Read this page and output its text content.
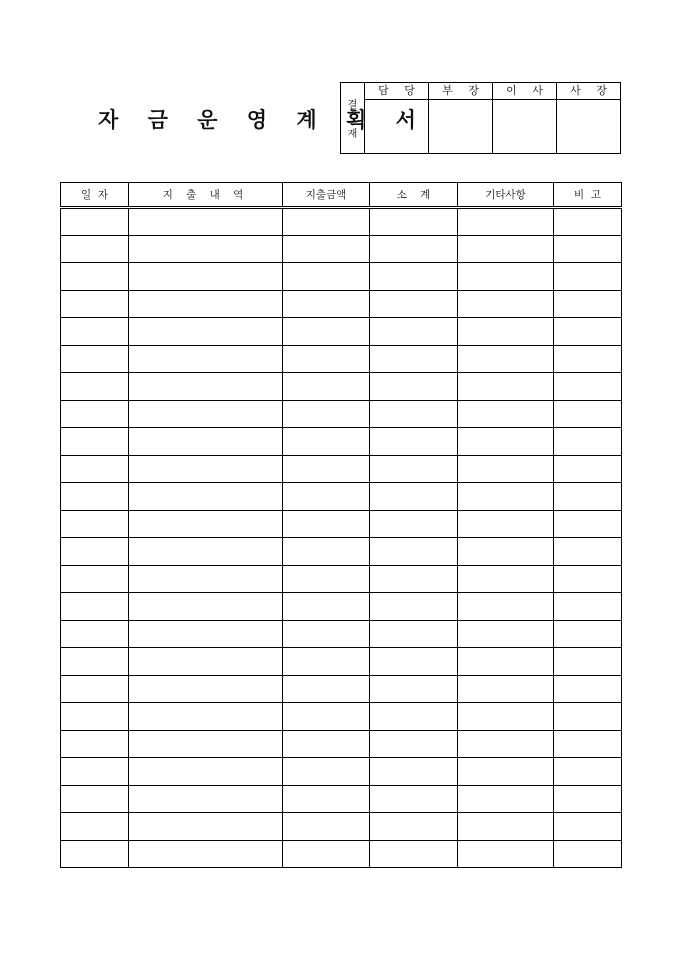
자 금 운 영 계 획 서
결
재
담 당	부 장	이 사	사 장
일  자	지 출 내 역	지출금액	소    계	기타사항	비  고
